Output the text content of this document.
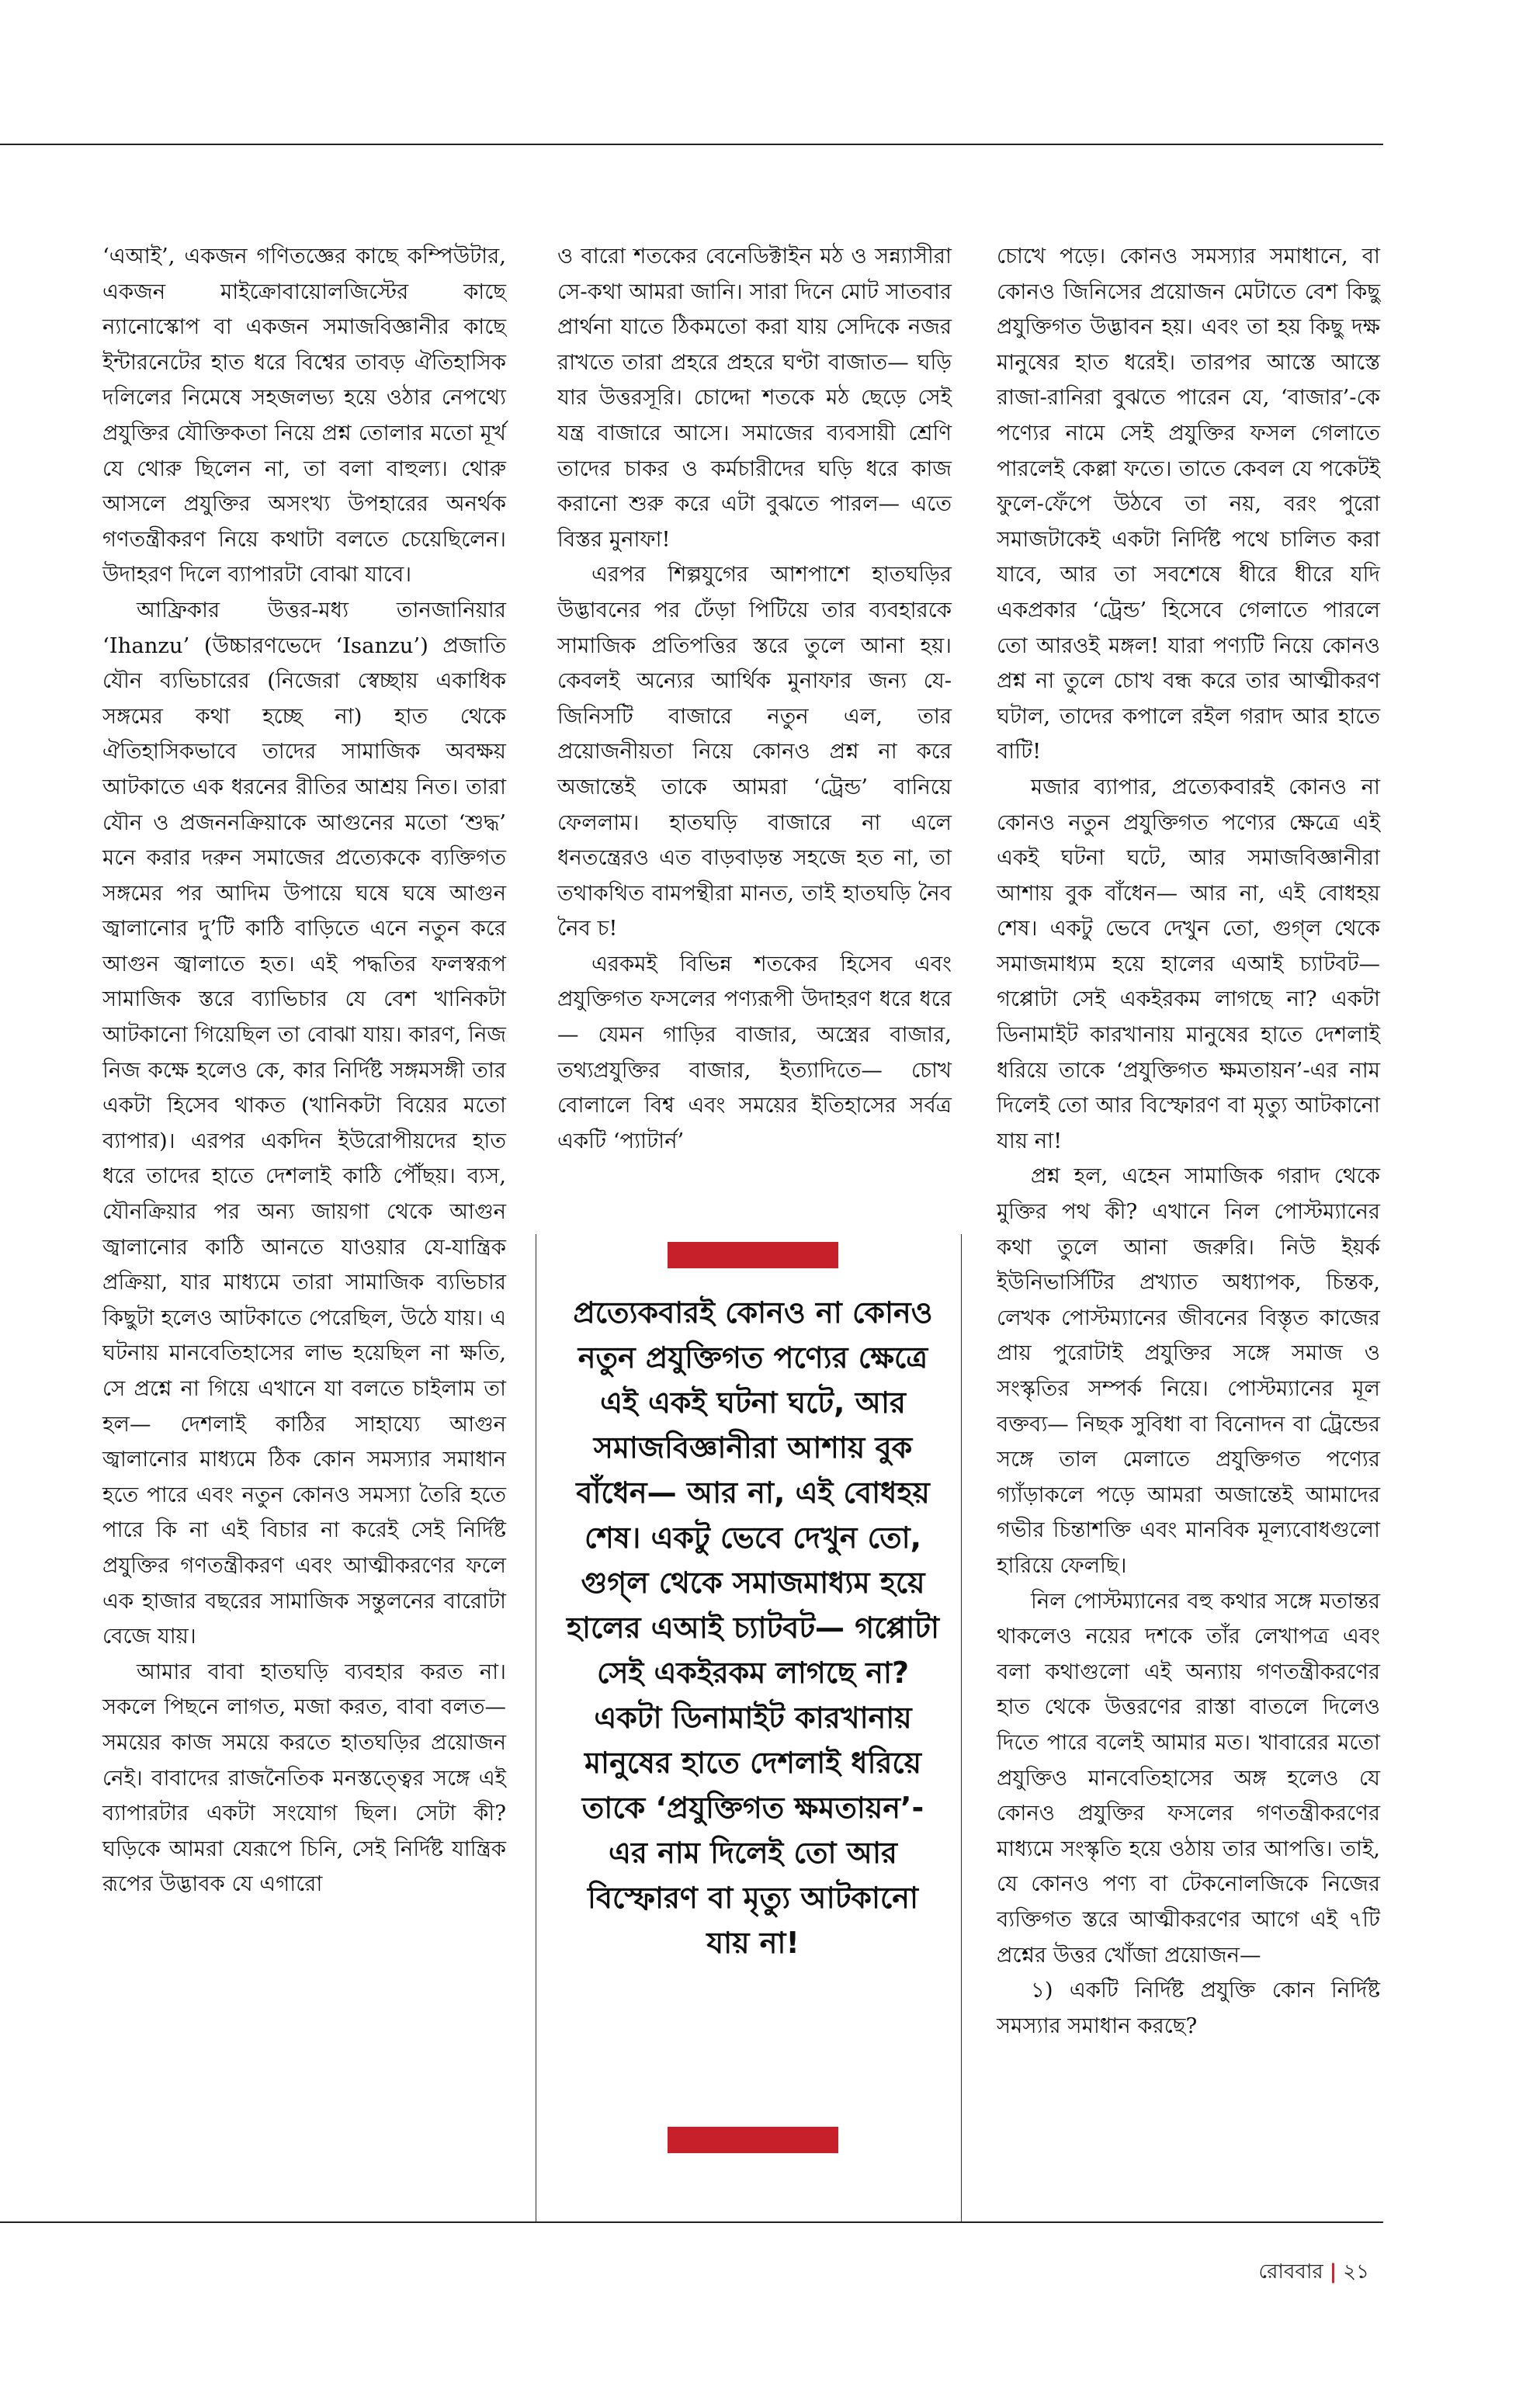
‘এআই’, একজন গণিতজ্ঞের কাছে কম্পিউটার, একজন মাইক্রোবায়োলজিস্টের কাছে ন্যানোস্কোপ বা একজন সমাজবিজ্ঞানীর কাছে ইন্টারনেটের হাত ধরে বিশ্বের তাবড় ঐতিহাসিক দলিলের নিমেষে সহজলভ্য হয়ে ওঠার নেপথ্যে প্রযুক্তির যৌক্তিকতা নিয়ে প্রশ্ন তোলার মতো মূর্খ যে থোরু ছিলেন না, তা বলা বাহুল্য। থোরু আসলে প্রযুক্তির অসংখ্য উপহারের অনর্থক গণতন্ত্রীকরণ নিয়ে কথাটা বলতে চেয়েছিলেন। উদাহরণ দিলে ব্যাপারটা বোঝা যাবে।

আফ্রিকার উত্তর-মধ্য তানজানিয়ার ‘Ihanzu’ (উচ্চারণভেদে ‘Isanzu’) প্রজাতি যৌন ব্যভিচারের (নিজেরা স্বেচ্ছায় একাধিক সঙ্গমের কথা হচ্ছে না) হাত থেকে ঐতিহাসিকভাবে তাদের সামাজিক অবক্ষয় আটকাতে এক ধরনের রীতির আশ্রয় নিত। তারা যৌন ও প্রজননক্রিয়াকে আগুনের মতো ‘শুদ্ধ’ মনে করার দরুন সমাজের প্রত্যেককে ব্যক্তিগত সঙ্গমের পর আদিম উপায়ে ঘষে ঘষে আগুন জ্বালানোর দু’টি কাঠি বাড়িতে এনে নতুন করে আগুন জ্বালাতে হত। এই পদ্ধতির ফলস্বরূপ সামাজিক স্তরে ব্যাভিচার যে বেশ খানিকটা আটকানো গিয়েছিল তা বোঝা যায়। কারণ, নিজ নিজ কক্ষে হলেও কে, কার নির্দিষ্ট সঙ্গমসঙ্গী তার একটা হিসেব থাকত (খানিকটা বিয়ের মতো ব্যাপার)। এরপর একদিন ইউরোপীয়দের হাত ধরে তাদের হাতে দেশলাই কাঠি পৌঁছয়। ব্যস, যৌনক্রিয়ার পর অন্য জায়গা থেকে আগুন জ্বালানোর কাঠি আনতে যাওয়ার যে-যান্ত্রিক প্রক্রিয়া, যার মাধ্যমে তারা সামাজিক ব্যভিচার কিছুটা হলেও আটকাতে পেরেছিল, উঠে যায়। এ ঘটনায় মানবেতিহাসের লাভ হয়েছিল না ক্ষতি, সে প্রশ্নে না গিয়ে এখানে যা বলতে চাইলাম তা হল— দেশলাই কাঠির সাহায্যে আগুন জ্বালানোর মাধ্যমে ঠিক কোন সমস্যার সমাধান হতে পারে এবং নতুন কোনও সমস্যা তৈরি হতে পারে কি না এই বিচার না করেই সেই নির্দিষ্ট প্রযুক্তির গণতন্ত্রীকরণ এবং আত্মীকরণের ফলে এক হাজার বছরের সামাজিক সন্তুলনের বারোটা বেজে যায়।

আমার বাবা হাতঘড়ি ব্যবহার করত না। সকলে পিছনে লাগত, মজা করত, বাবা বলত— সময়ের কাজ সময়ে করতে হাতঘড়ির প্রয়োজন নেই। বাবাদের রাজনৈতিক মনস্তত্ত্বের সঙ্গে এই ব্যাপারটার একটা সংযোগ ছিল। সেটা কী? ঘড়িকে আমরা যেরূপে চিনি, সেই নির্দিষ্ট যান্ত্রিক রূপের উদ্ভাবক যে এগারো

ও বারো শতকের বেনেডিক্টাইন মঠ ও সন্ন্যাসীরা সে-কথা আমরা জানি। সারা দিনে মোট সাতবার প্রার্থনা যাতে ঠিকমতো করা যায় সেদিকে নজর রাখতে তারা প্রহরে প্রহরে ঘণ্টা বাজাত— ঘড়ি যার উত্তরসূরি। চোদ্দো শতকে মঠ ছেড়ে সেই যন্ত্র বাজারে আসে। সমাজের ব্যবসায়ী শ্রেণি তাদের চাকর ও কর্মচারীদের ঘড়ি ধরে কাজ করানো শুরু করে এটা বুঝতে পারল— এতে বিস্তর মুনাফা!

এরপর শিল্পযুগের আশপাশে হাতঘড়ির উদ্ভাবনের পর ঢেঁড়া পিটিয়ে তার ব্যবহারকে সামাজিক প্রতিপত্তির স্তরে তুলে আনা হয়। কেবলই অন্যের আর্থিক মুনাফার জন্য যে-জিনিসটি বাজারে নতুন এল, তার প্রয়োজনীয়তা নিয়ে কোনও প্রশ্ন না করে অজান্তেই তাকে আমরা ‘ট্রেন্ড’ বানিয়ে ফেললাম। হাতঘড়ি বাজারে না এলে ধনতন্ত্রেরও এত বাড়বাড়ন্ত সহজে হত না, তা তথাকথিত বামপন্থীরা মানত, তাই হাতঘড়ি নৈব নৈব চ!

এরকমই বিভিন্ন শতকের হিসেব এবং প্রযুক্তিগত ফসলের পণ্যরূপী উদাহরণ ধরে ধরে— যেমন গাড়ির বাজার, অস্ত্রের বাজার, তথ্যপ্রযুক্তির বাজার, ইত্যাদিতে— চোখ বোলালে বিশ্ব এবং সময়ের ইতিহাসের সর্বত্র একটি ‘প্যাটার্ন’

প্রত্যেকবারই কোনও না কোনও নতুন প্রযুক্তিগত পণ্যের ক্ষেত্রে এই একই ঘটনা ঘটে, আর সমাজবিজ্ঞানীরা আশায় বুক বাঁধেন— আর না, এই বোধহয় শেষ। একটু ভেবে দেখুন তো, গুগ্‌ল থেকে সমাজমাধ্যম হয়ে হালের এআই চ্যাটবট— গপ্পোটা সেই একইরকম লাগছে না? একটা ডিনামাইট কারখানায় মানুষের হাতে দেশলাই ধরিয়ে তাকে ‘প্রযুক্তিগত ক্ষমতায়ন’-এর নাম দিলেই তো আর বিস্ফোরণ বা মৃত্যু আটকানো যায় না!

চোখে পড়ে। কোনও সমস্যার সমাধানে, বা কোনও জিনিসের প্রয়োজন মেটাতে বেশ কিছু প্রযুক্তিগত উদ্ভাবন হয়। এবং তা হয় কিছু দক্ষ মানুষের হাত ধরেই। তারপর আস্তে আস্তে রাজা-রানিরা বুঝতে পারেন যে, ‘বাজার’-কে পণ্যের নামে সেই প্রযুক্তির ফসল গেলাতে পারলেই কেল্লা ফতে। তাতে কেবল যে পকেটই ফুলে-ফেঁপে উঠবে তা নয়, বরং পুরো সমাজটাকেই একটা নির্দিষ্ট পথে চালিত করা যাবে, আর তা সবশেষে ধীরে ধীরে যদি একপ্রকার ‘ট্রেন্ড’ হিসেবে গেলাতে পারলে তো আরওই মঙ্গল! যারা পণ্যটি নিয়ে কোনও প্রশ্ন না তুলে চোখ বন্ধ করে তার আত্মীকরণ ঘটাল, তাদের কপালে রইল গরাদ আর হাতে বাটি!

মজার ব্যাপার, প্রত্যেকবারই কোনও না কোনও নতুন প্রযুক্তিগত পণ্যের ক্ষেত্রে এই একই ঘটনা ঘটে, আর সমাজবিজ্ঞানীরা আশায় বুক বাঁধেন— আর না, এই বোধহয় শেষ। একটু ভেবে দেখুন তো, গুগ্‌ল থেকে সমাজমাধ্যম হয়ে হালের এআই চ্যাটবট— গপ্পোটা সেই একইরকম লাগছে না? একটা ডিনামাইট কারখানায় মানুষের হাতে দেশলাই ধরিয়ে তাকে ‘প্রযুক্তিগত ক্ষমতায়ন’-এর নাম দিলেই তো আর বিস্ফোরণ বা মৃত্যু আটকানো যায় না!

প্রশ্ন হল, এহেন সামাজিক গরাদ থেকে মুক্তির পথ কী? এখানে নিল পোস্টম্যানের কথা তুলে আনা জরুরি। নিউ ইয়র্ক ইউনিভার্সিটির প্রখ্যাত অধ্যাপক, চিন্তক, লেখক পোস্টম্যানের জীবনের বিস্তৃত কাজের প্রায় পুরোটাই প্রযুক্তির সঙ্গে সমাজ ও সংস্কৃতির সম্পর্ক নিয়ে। পোস্টম্যানের মূল বক্তব্য— নিছক সুবিধা বা বিনোদন বা ট্রেন্ডের সঙ্গে তাল মেলাতে প্রযুক্তিগত পণ্যের গ্যাঁড়াকলে পড়ে আমরা অজান্তেই আমাদের গভীর চিন্তাশক্তি এবং মানবিক মূল্যবোধগুলো হারিয়ে ফেলছি।

নিল পোস্টম্যানের বহু কথার সঙ্গে মতান্তর থাকলেও নয়ের দশকে তাঁর লেখাপত্র এবং বলা কথাগুলো এই অন্যায় গণতন্ত্রীকরণের হাত থেকে উত্তরণের রাস্তা বাতলে দিলেও দিতে পারে বলেই আমার মত। খাবারের মতো প্রযুক্তিও মানবেতিহাসের অঙ্গ হলেও যে কোনও প্রযুক্তির ফসলের গণতন্ত্রীকরণের মাধ্যমে সংস্কৃতি হয়ে ওঠায় তার আপত্তি। তাই, যে কোনও পণ্য বা টেকনোলজিকে নিজের ব্যক্তিগত স্তরে আত্মীকরণের আগে এই ৭টি প্রশ্নের উত্তর খোঁজা প্রয়োজন—

১) একটি নির্দিষ্ট প্রযুক্তি কোন নির্দিষ্ট সমস্যার সমাধান করছে?

রোববার | ২১
